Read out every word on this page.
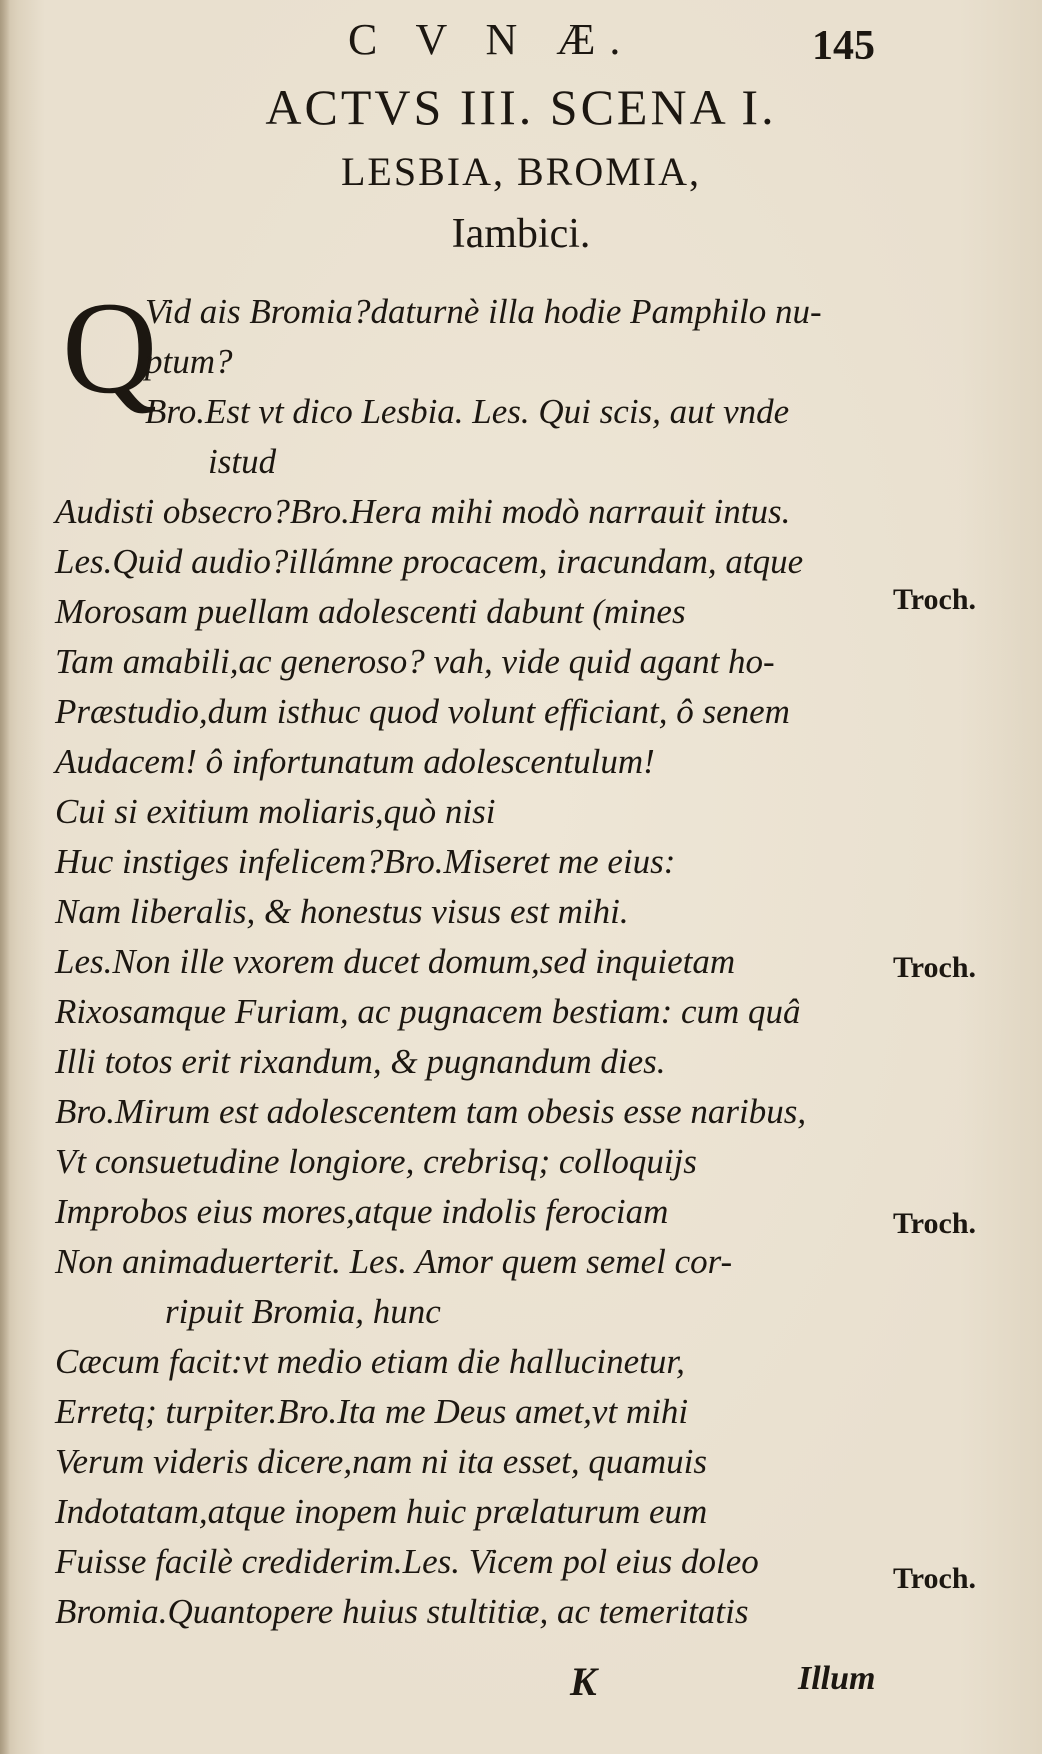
C V N Æ.	145
ACTVS III. SCENA I.
LESBIA, BROMIA,
Iambici.
Q
Vid ais Bromia?daturnè illa hodie Pamphilo nu-
ptum?
Bro.Est vt dico Lesbia. Les. Qui scis, aut vnde
istud
Audisti obsecro?Bro.Hera mihi modò narrauit intus.
Les.Quid audio?illámne procacem, iracundam, atque
Morosam puellam adolescenti dabunt (mines
Tam amabili,ac generoso? vah, vide quid agant ho-
Præstudio,dum isthuc quod volunt efficiant, ô senem
Audacem! ô infortunatum adolescentulum!
Cui si exitium moliaris,quò nisi
Huc instiges infelicem?Bro.Miseret me eius:
Nam liberalis, & honestus visus est mihi.
Les.Non ille vxorem ducet domum,sed inquietam
Rixosamque Furiam, ac pugnacem bestiam: cum quâ
Illi totos erit rixandum, & pugnandum dies.
Bro.Mirum est adolescentem tam obesis esse naribus,
Vt consuetudine longiore, crebrisq; colloquijs
Improbos eius mores,atque indolis ferociam
Non animaduerterit. Les. Amor quem semel cor-
ripuit Bromia, hunc
Cæcum facit:vt medio etiam die hallucinetur,
Erretq; turpiter.Bro.Ita me Deus amet,vt mihi
Verum videris dicere,nam ni ita esset, quamuis
Indotatam,atque inopem huic prælaturum eum
Fuisse facilè crediderim.Les. Vicem pol eius doleo
Bromia.Quantopere huius stultitiæ, ac temeritatis
Troch.
Troch.
Troch.
Troch.
K	Illum
